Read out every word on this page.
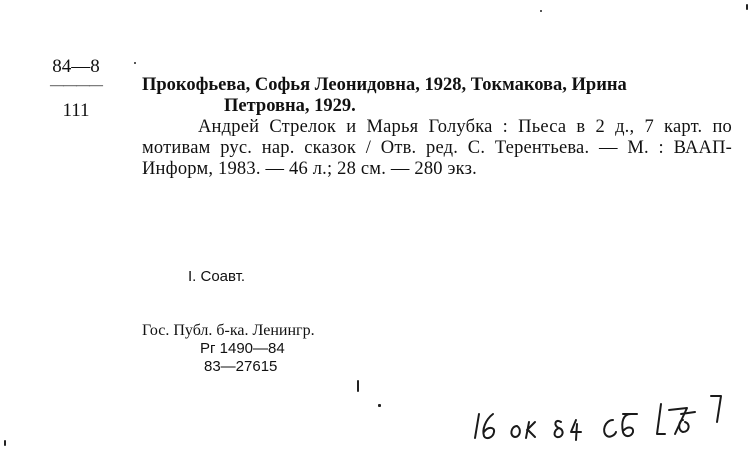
84—8
————
111
Прокофьева, Софья Леонидовна, 1928, Токмакова, Ирина
Петровна, 1929.
Андрей Стрелок и Марья Голубка : Пьеса в 2 д., 7 карт. по мотивам рус. нар. сказок / Отв. ред. С. Терентьева. — М. : ВААП-Информ, 1983. — 46 л.; 28 см. — 280 экз.
I. Соавт.
Гос. Публ. б-ка. Ленингр.
Рг 1490—84
83—27615
